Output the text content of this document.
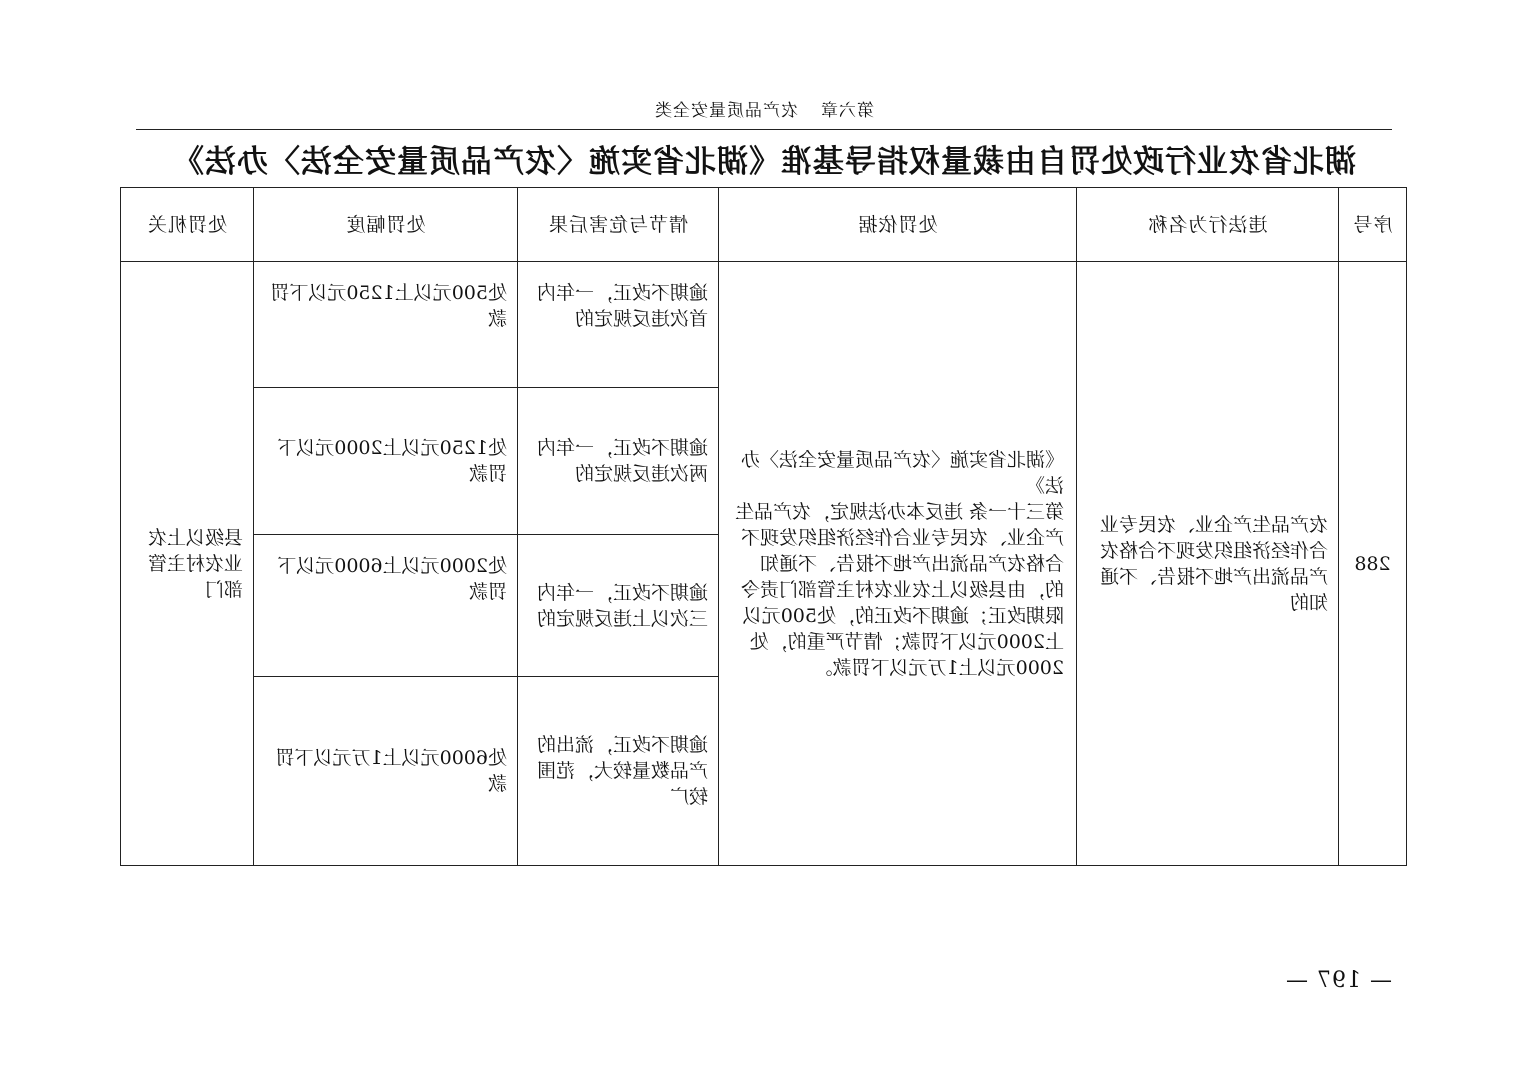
第六章农产品质量安全类
湖北省农业行政处罚自由裁量权指导基准《湖北省实施〈农产品质量安全法〉办法》
序号	违法行为名称	处罚依据	情节与危害后果	处罚幅度	处罚机关
288	农产品生产企业、农民专业合作经济组织发现不合格农产品流出产地不报告、不通知的	《湖北省实施〈农产品质量安全法〉办法》
第三十一条 违反本办法规定，农产品生产企业、农民专业合作经济组织发现不合格农产品流出产地不报告、不通知的，由县级以上农业农村主管部门责令限期改正；逾期不改正的，处500元以上2000元以下罚款；情节严重的，处2000元以上1万元以下罚款。	逾期不改正，一年内首次违反规定的	处500元以上1250元以下罚款	县级以上农业农村主管部门
			逾期不改正，一年内两次违反规定的	处1250元以上2000元以下罚款	
			逾期不改正，一年内三次以上违反规定的	处2000元以上6000元以下罚款	
			逾期不改正，流出的产品数量较大，范围较广	处6000元以上1万元以下罚款	
— 197 —
